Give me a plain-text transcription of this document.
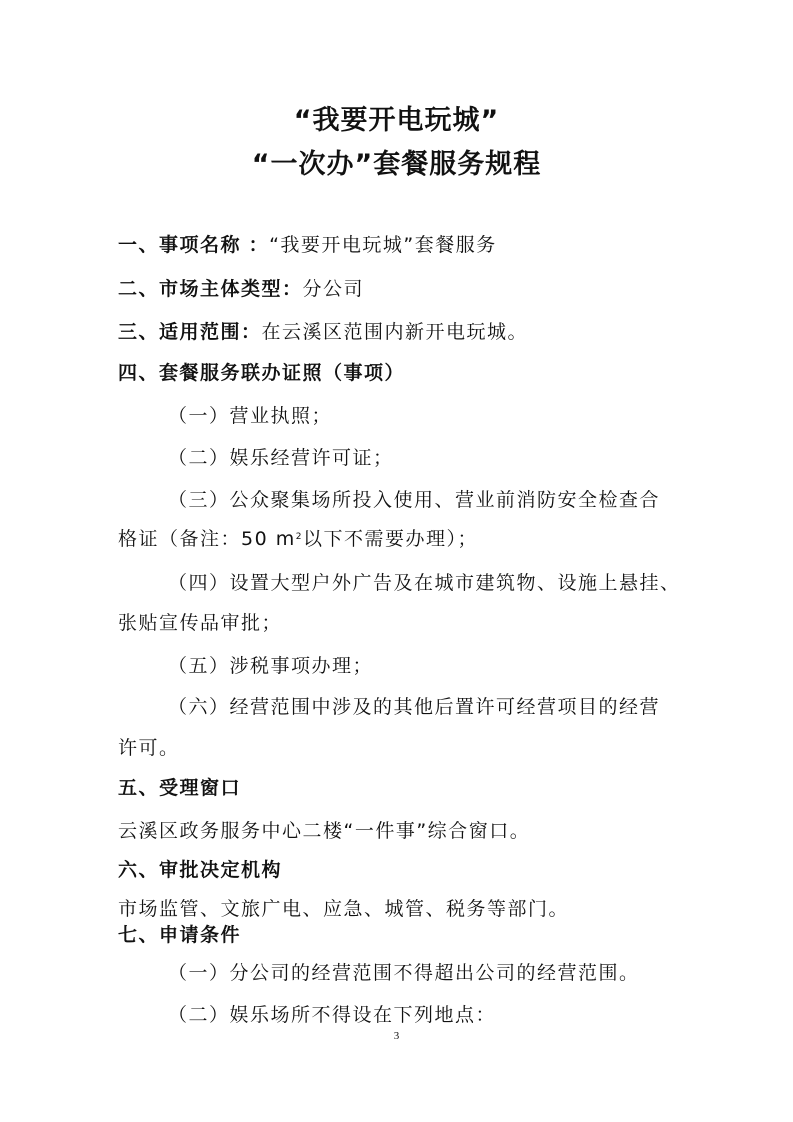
“我要开电玩城”
“一次办”套餐服务规程
一、事项名称 ：“我要开电玩城”套餐服务
二、市场主体类型：分公司
三、适用范围：在云溪区范围内新开电玩城。
四、套餐服务联办证照（事项）
（一）营业执照；
（二）娱乐经营许可证；
（三）公众聚集场所投入使用、营业前消防安全检查合
格证（备注：50 $m^2$以下不需要办理）；
（四）设置大型户外广告及在城市建筑物、设施上悬挂、
张贴宣传品审批；
（五）涉税事项办理；
（六）经营范围中涉及的其他后置许可经营项目的经营
许可。
五、受理窗口
云溪区政务服务中心二楼“一件事”综合窗口。
六、审批决定机构
市场监管、文旅广电、应急、城管、税务等部门。
七、申请条件
（一）分公司的经营范围不得超出公司的经营范围。
（二）娱乐场所不得设在下列地点：
3
